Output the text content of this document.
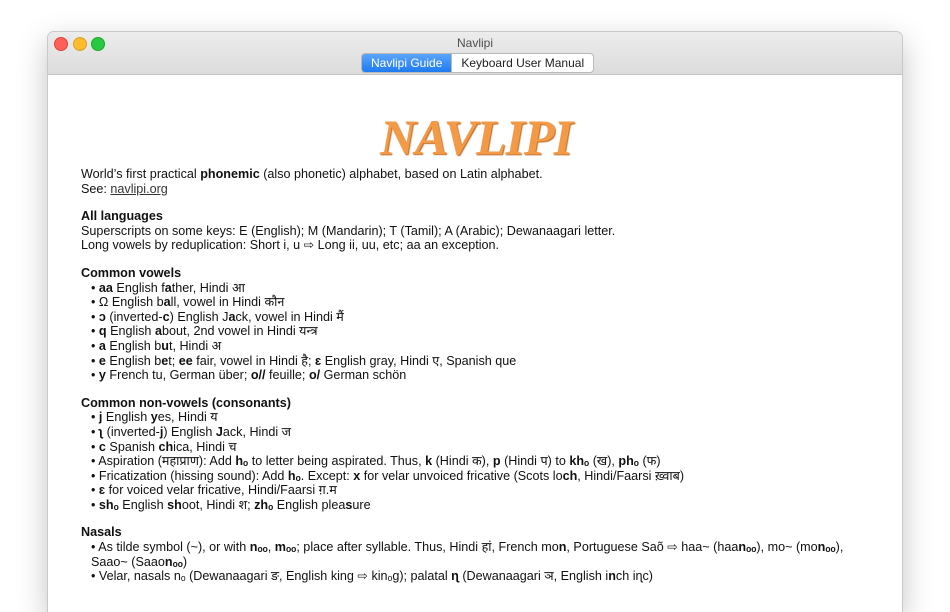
Navlipi
Navlipi Guide	Keyboard User Manual
NAVLIPI
World’s first practical phonemic (also phonetic) alphabet, based on Latin alphabet.
See: navlipi.org
All languages
Superscripts on some keys: E (English); M (Mandarin); T (Tamil); A (Arabic); Dewanaagari letter.
Long vowels by reduplication: Short i, u ⇨ Long ii, uu, etc; aa an exception.
Common vowels
• aa English father, Hindi आ
• Ω English ball, vowel in Hindi कौन
• ɔ (inverted-c) English Jack, vowel in Hindi मैं
• q English about, 2nd vowel in Hindi यन्त्र
• a English but, Hindi अ
• e English bet; ee fair, vowel in Hindi है; ɛ English gray, Hindi ए, Spanish que
• y French tu, German über; o// feuille; o/ German schön
Common non-vowels (consonants)
• j English yes, Hindi य
• ʅ (inverted-j) English Jack, Hindi ज
• c Spanish chica, Hindi च
• Aspiration (महाप्राण): Add hₒ to letter being aspirated. Thus, k (Hindi क), p (Hindi प) to khₒ (ख), phₒ (फ)
• Fricatization (hissing sound): Add hₒ. Except: x for velar unvoiced fricative (Scots loch, Hindi/Faarsi ख़्वाब)
• ɛ for voiced velar fricative, Hindi/Faarsi ग़.म
• shₒ English shoot, Hindi श; zhₒ English pleasure
Nasals
• As tilde symbol (~), or with nₒₒ, mₒₒ; place after syllable. Thus, Hindi हां, French mon, Portuguese Saõ ⇨ haa~ (haanₒₒ), mo~ (monₒₒ), Saao~ (Saaonₒₒ)
• Velar, nasals nₒ (Dewanaagari ङ, English king ⇨ kinₒg); palatal ɳ (Dewanaagari ञ, English inch iɳc)
